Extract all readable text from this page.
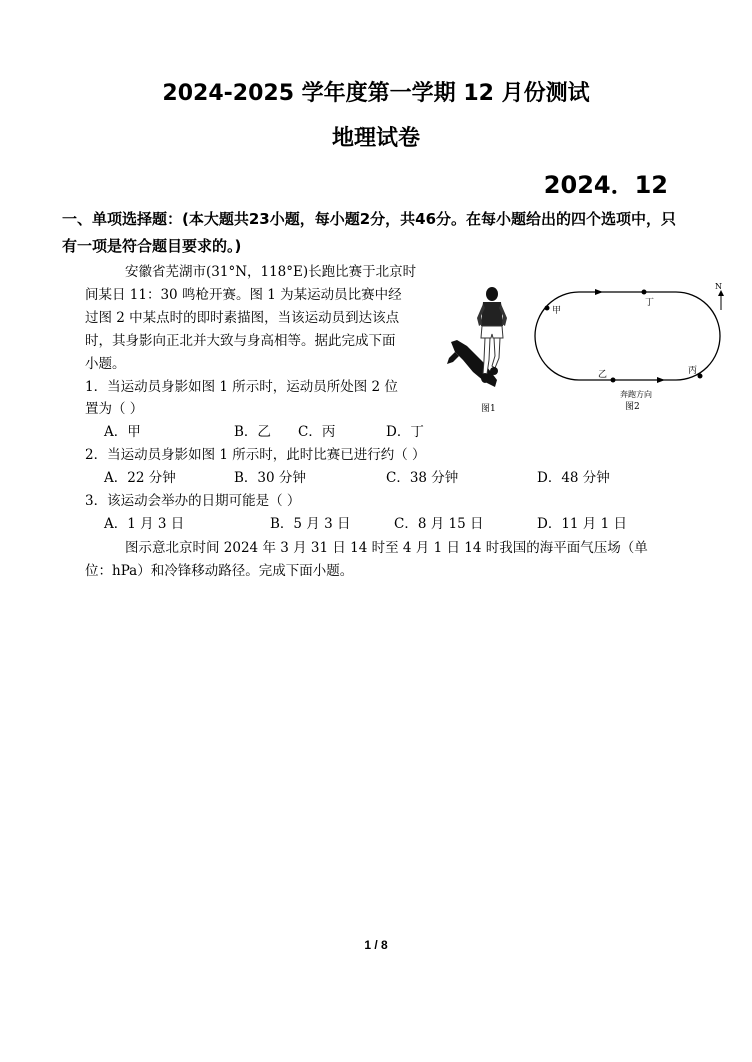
2024-2025 学年度第一学期 12 月份测试
地理试卷
2024．12
一、单项选择题：(本大题共23小题，每小题2分，共46分。在每小题给出的四个选项中，只
有一项是符合题目要求的。)
安徽省芜湖市(31°N，118°E)长跑比赛于北京时
间某日 11：30 鸣枪开赛。图 1 为某运动员比赛中经
过图 2 中某点时的即时素描图，当该运动员到达该点
时，其身影向正北并大致与身高相等。据此完成下面
小题。
1．当运动员身影如图 1 所示时，运动员所处图 2 位
置为（ ）
A．甲	B．乙 C．丙	D．丁
2．当运动员身影如图 1 所示时，此时比赛已进行约（ ）
A．22 分钟	B．30 分钟	C．38 分钟	D．48 分钟
3．该运动会举办的日期可能是（ ）
A．1 月 3 日	B．5 月 3 日	C．8 月 15 日	D．11 月 1 日
图示意北京时间 2024 年 3 月 31 日 14 时至 4 月 1 日 14 时我国的海平面气压场（单
位：hPa）和冷锋移动路径。完成下面小题。
图1
甲
丁
丙
乙
奔跑方向
图2
N
1 / 8
